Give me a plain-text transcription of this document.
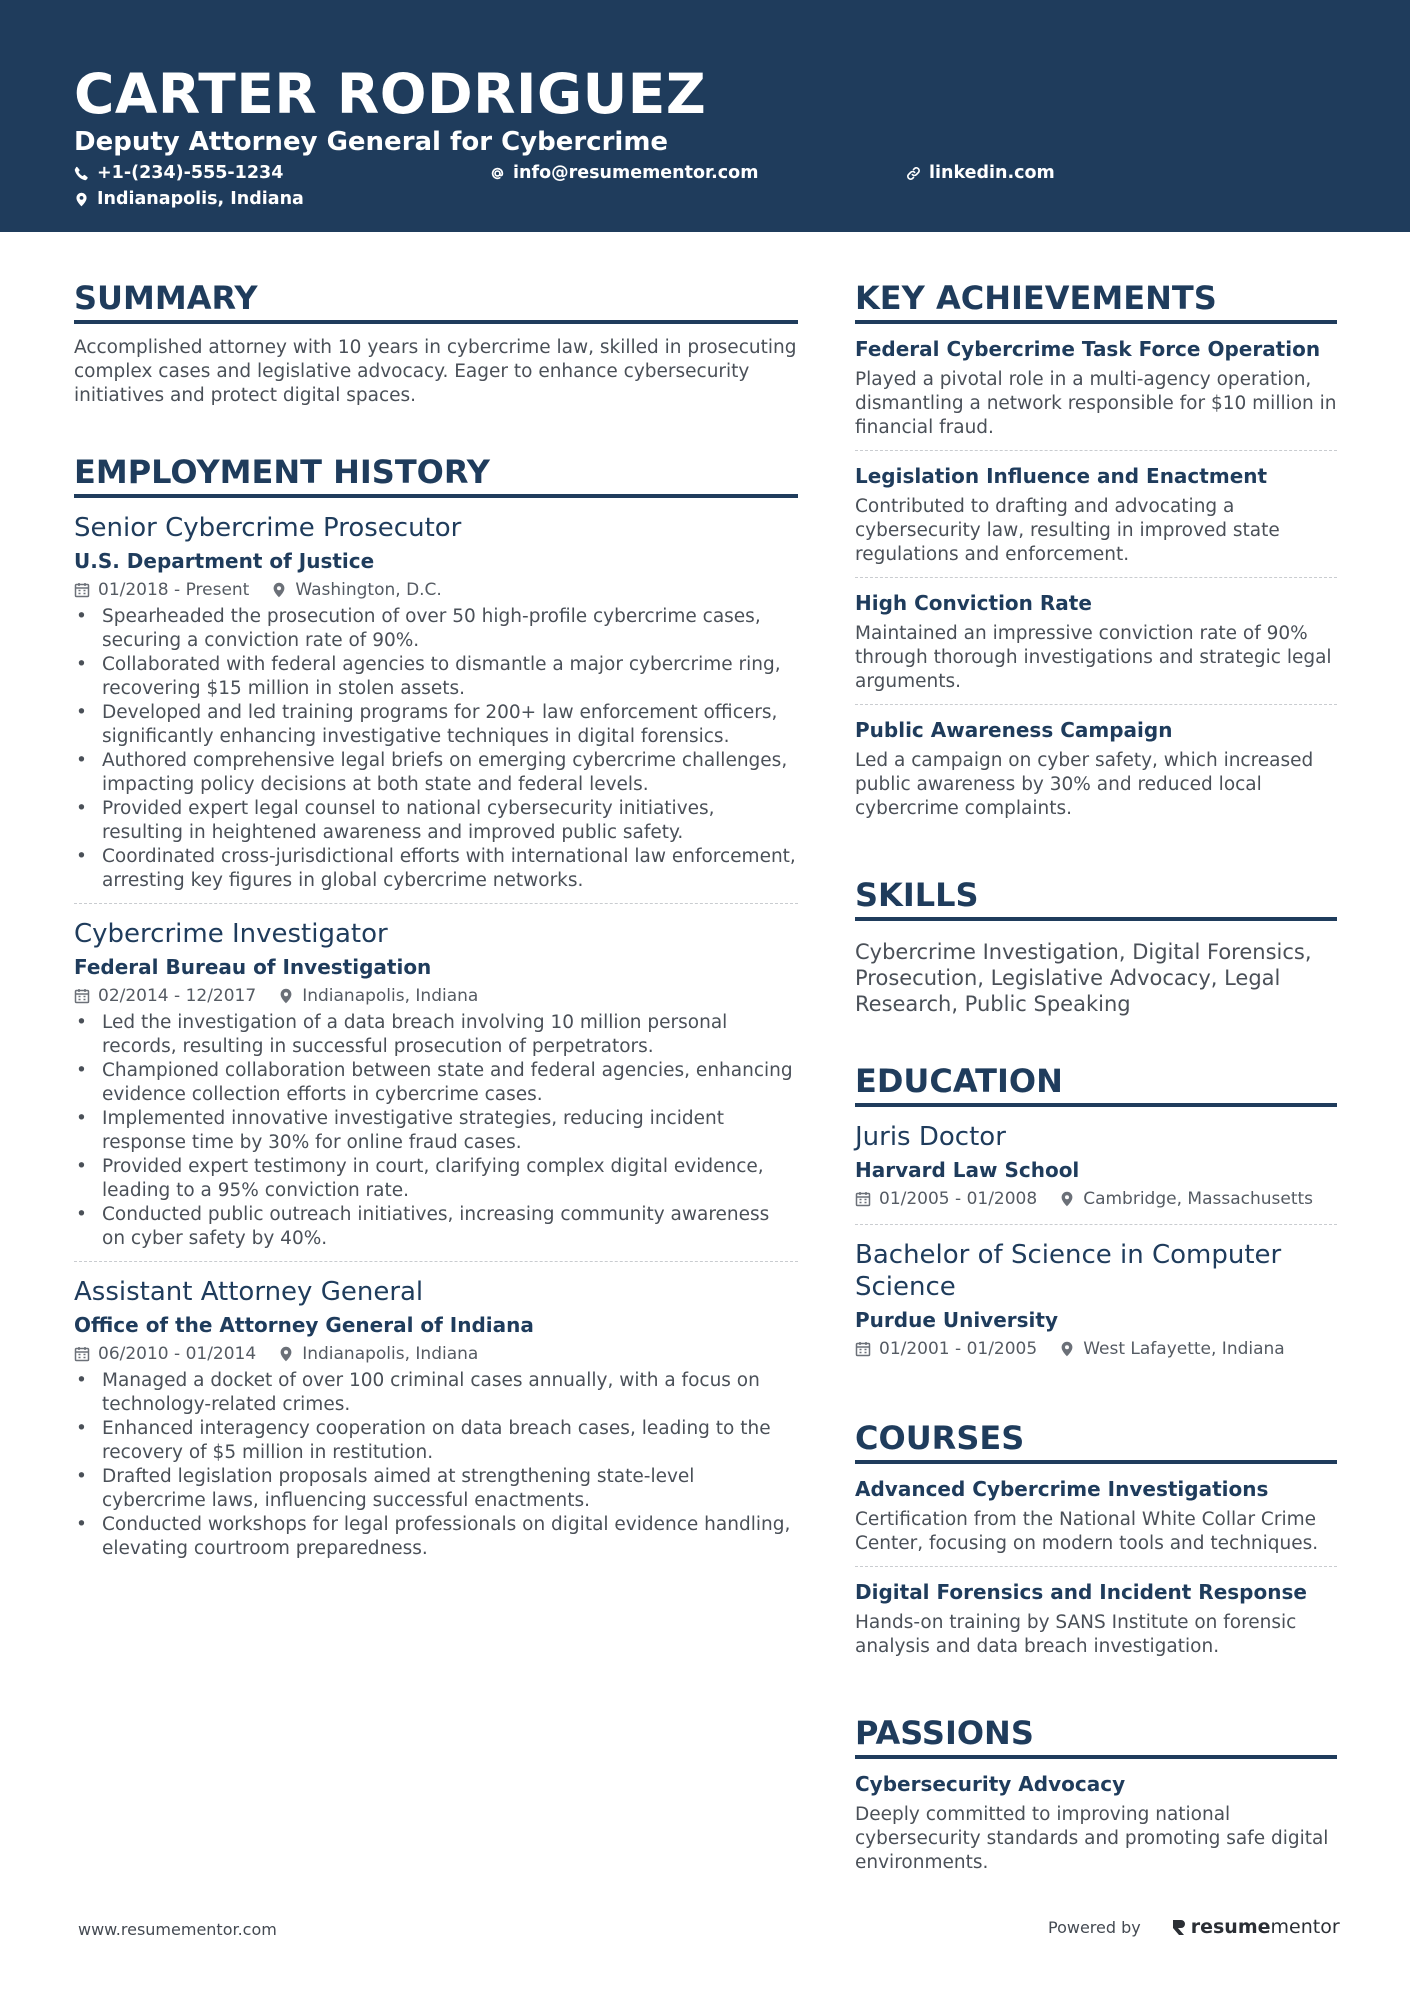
CARTER RODRIGUEZ
Deputy Attorney General for Cybercrime
+1-(234)-555-1234	info@resumementor.com	linkedin.com
Indianapolis, Indiana
SUMMARY

Accomplished attorney with 10 years in cybercrime law, skilled in prosecuting complex cases and legislative advocacy. Eager to enhance cybersecurity initiatives and protect digital spaces.

EMPLOYMENT HISTORY
Senior Cybercrime Prosecutor
U.S. Department of Justice
01/2018 - Present	Washington, D.C.
• Spearheaded the prosecution of over 50 high-profile cybercrime cases, securing a conviction rate of 90%.
• Collaborated with federal agencies to dismantle a major cybercrime ring, recovering $15 million in stolen assets.
• Developed and led training programs for 200+ law enforcement officers, significantly enhancing investigative techniques in digital forensics.
• Authored comprehensive legal briefs on emerging cybercrime challenges, impacting policy decisions at both state and federal levels.
• Provided expert legal counsel to national cybersecurity initiatives, resulting in heightened awareness and improved public safety.
• Coordinated cross-jurisdictional efforts with international law enforcement, arresting key figures in global cybercrime networks.
Cybercrime Investigator
Federal Bureau of Investigation
02/2014 - 12/2017	Indianapolis, Indiana
• Led the investigation of a data breach involving 10 million personal records, resulting in successful prosecution of perpetrators.
• Championed collaboration between state and federal agencies, enhancing evidence collection efforts in cybercrime cases.
• Implemented innovative investigative strategies, reducing incident response time by 30% for online fraud cases.
• Provided expert testimony in court, clarifying complex digital evidence, leading to a 95% conviction rate.
• Conducted public outreach initiatives, increasing community awareness on cyber safety by 40%.
Assistant Attorney General
Office of the Attorney General of Indiana
06/2010 - 01/2014	Indianapolis, Indiana
• Managed a docket of over 100 criminal cases annually, with a focus on technology-related crimes.
• Enhanced interagency cooperation on data breach cases, leading to the recovery of $5 million in restitution.
• Drafted legislation proposals aimed at strengthening state-level cybercrime laws, influencing successful enactments.
• Conducted workshops for legal professionals on digital evidence handling, elevating courtroom preparedness.
KEY ACHIEVEMENTS
Federal Cybercrime Task Force Operation

Played a pivotal role in a multi-agency operation, dismantling a network responsible for $10 million in financial fraud.

Legislation Influence and Enactment

Contributed to drafting and advocating a cybersecurity law, resulting in improved state regulations and enforcement.

High Conviction Rate

Maintained an impressive conviction rate of 90% through thorough investigations and strategic legal arguments.

Public Awareness Campaign

Led a campaign on cyber safety, which increased public awareness by 30% and reduced local cybercrime complaints.

SKILLS

Cybercrime Investigation, Digital Forensics, Prosecution, Legislative Advocacy, Legal Research, Public Speaking

EDUCATION
Juris Doctor
Harvard Law School
01/2005 - 01/2008	Cambridge, Massachusetts
Bachelor of Science in Computer Science
Purdue University
01/2001 - 01/2005	West Lafayette, Indiana
COURSES
Advanced Cybercrime Investigations

Certification from the National White Collar Crime Center, focusing on modern tools and techniques.

Digital Forensics and Incident Response

Hands-on training by SANS Institute on forensic analysis and data breach investigation.

PASSIONS
Cybersecurity Advocacy

Deeply committed to improving national cybersecurity standards and promoting safe digital environments.

www.resumementor.com	Powered by	resumementor
